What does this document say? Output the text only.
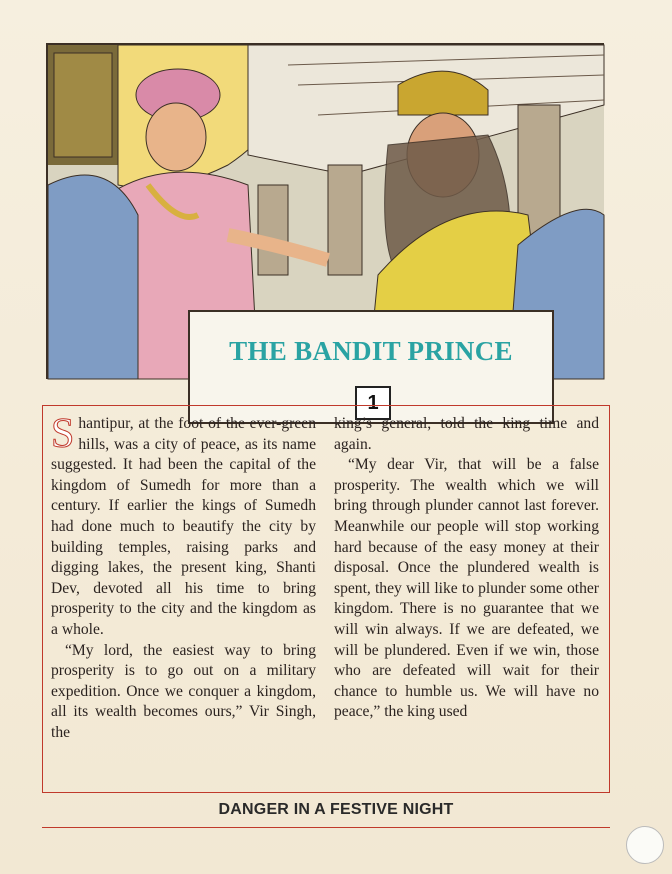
THE BANDIT PRINCE
1

Shantipur, at the foot of the ever-green hills, was a city of peace, as its name suggested. It had been the capital of the kingdom of Sumedh for more than a century. If earlier the kings of Sumedh had done much to beautify the city by building temples, raising parks and digging lakes, the present king, Shanti Dev, devoted all his time to bring prosperity to the city and the kingdom as a whole.

“My lord, the easiest way to bring prosperity is to go out on a military expedition. Once we conquer a kingdom, all its wealth becomes ours,” Vir Singh, the

king’s general, told the king time and again.

“My dear Vir, that will be a false prosperity. The wealth which we will bring through plunder cannot last forever. Meanwhile our people will stop working hard because of the easy money at their disposal. Once the plundered wealth is spent, they will like to plunder some other kingdom. There is no guarantee that we will win always. If we are defeated, we will be plundered. Even if we win, those who are defeated will wait for their chance to humble us. We will have no peace,” the king used

DANGER IN A FESTIVE NIGHT
